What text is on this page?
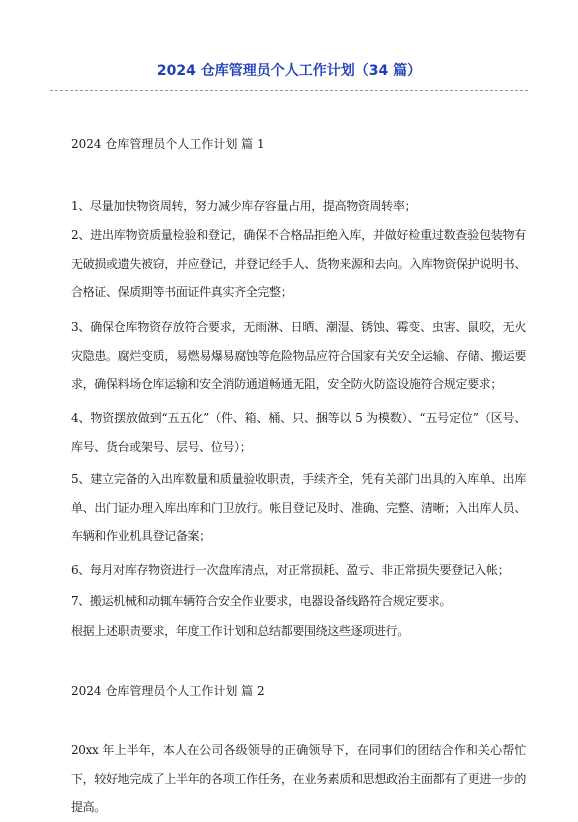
2024 仓库管理员个人工作计划（34 篇）
2024 仓库管理员个人工作计划 篇 1
1、尽量加快物资周转，努力减少库存容量占用，提高物资周转率；
2、进出库物资质量检验和登记，确保不合格品拒绝入库，并做好检重过数查验包装物有无破损或遗失被窃，并应登记，并登记经手人、货物来源和去向。入库物资保护说明书、合格证、保质期等书面证件真实齐全完整；
3、确保仓库物资存放符合要求，无雨淋、日晒、潮湿、锈蚀、霉变、虫害、鼠咬，无火灾隐患。腐烂变质，易燃易爆易腐蚀等危险物品应符合国家有关安全运输、存储、搬运要求，确保料场仓库运输和安全消防通道畅通无阻，安全防火防盗设施符合规定要求；
4、物资摆放做到“五五化”（件、箱、桶、只、捆等以 5 为模数）、“五号定位”（区号、库号、货台或架号、层号、位号）；
5、建立完备的入出库数量和质量验收职责，手续齐全，凭有关部门出具的入库单、出库单、出门证办理入库出库和门卫放行。帐目登记及时、准确、完整、清晰；入出库人员、车辆和作业机具登记备案；
6、每月对库存物资进行一次盘库清点，对正常损耗、盈亏、非正常损失要登记入帐；
7、搬运机械和动辄车辆符合安全作业要求，电器设备线路符合规定要求。
根据上述职责要求，年度工作计划和总结都要围绕这些逐项进行。
2024 仓库管理员个人工作计划 篇 2
20xx 年上半年，本人在公司各级领导的正确领导下，在同事们的团结合作和关心帮忙下，较好地完成了上半年的各项工作任务，在业务素质和思想政治主面都有了更进一步的提高。
